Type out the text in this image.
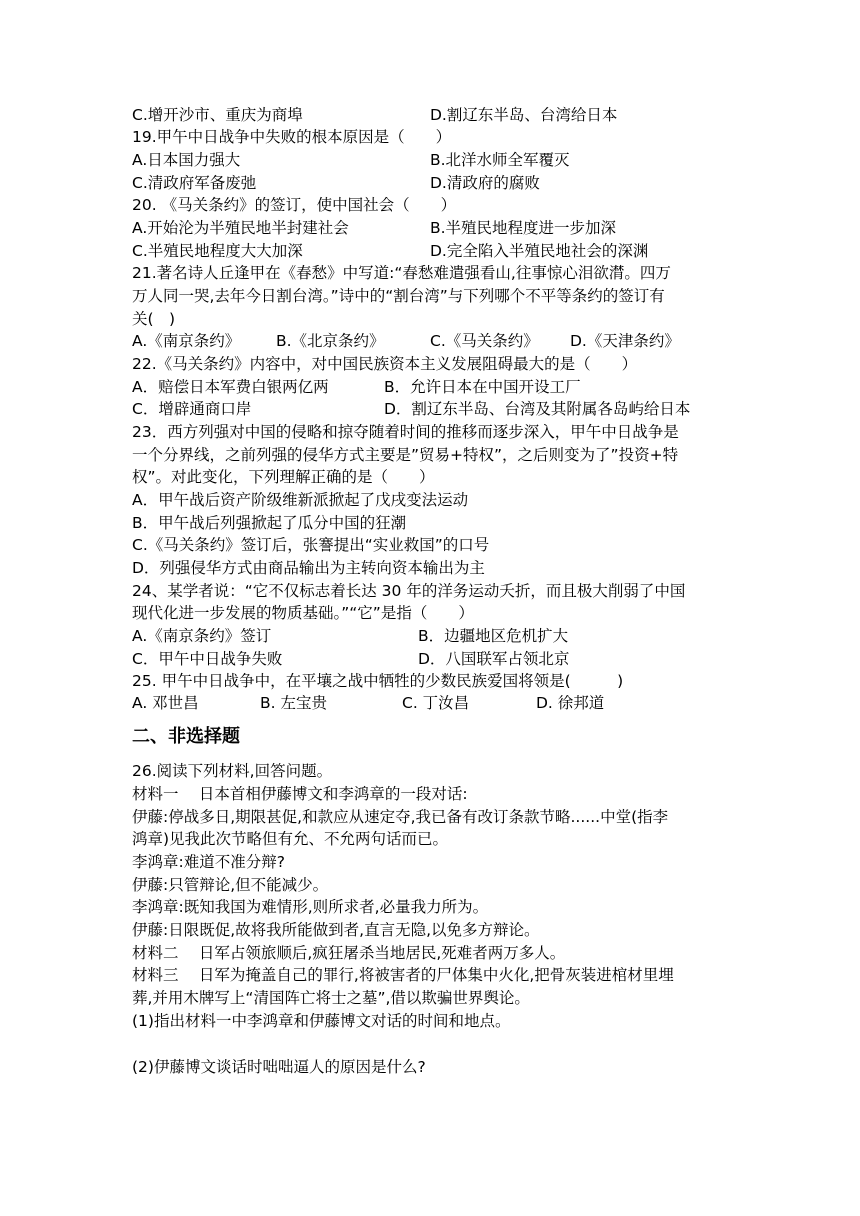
C.增开沙市、重庆为商埠	D.割辽东半岛、台湾给日本
19.甲午中日战争中失败的根本原因是（　　）
A.日本国力强大	B.北洋水师全军覆灭
C.清政府军备废弛	D.清政府的腐败
20. 《马关条约》的签订，使中国社会（　　）
A.开始沦为半殖民地半封建社会	B.半殖民地程度进一步加深
C.半殖民地程度大大加深	D.完全陷入半殖民地社会的深渊
21.著名诗人丘逢甲在《春愁》中写道:“春愁难遣强看山,往事惊心泪欲潸。四万
万人同一哭,去年今日割台湾。”诗中的“割台湾”与下列哪个不平等条约的签订有
关(　)
A.《南京条约》 B.《北京条约》	C.《马关条约》 D.《天津条约》
22.《马关条约》内容中，对中国民族资本主义发展阻碍最大的是（　　）
A．赔偿日本军费白银两亿两	B．允许日本在中国开设工厂
C．增辟通商口岸	D．割辽东半岛、台湾及其附属各岛屿给日本
23．西方列强对中国的侵略和掠夺随着时间的推移而逐步深入，甲午中日战争是
一个分界线，之前列强的侵华方式主要是”贸易+特权”，之后则变为了”投资+特
权”。对此变化，下列理解正确的是（　　）
A．甲午战后资产阶级维新派掀起了戊戌变法运动
B．甲午战后列强掀起了瓜分中国的狂潮
C.《马关条约》签订后，张謇提出“实业救国”的口号
D．列强侵华方式由商品输出为主转向资本输出为主
24、某学者说：“它不仅标志着长达 30 年的洋务运动夭折，而且极大削弱了中国
现代化进一步发展的物质基础。”“它”是指（　　）
A.《南京条约》签订	B．边疆地区危机扩大
C．甲午中日战争失败	D．八国联军占领北京
25. 甲午中日战争中，在平壤之战中牺牲的少数民族爱国将领是(　　　)
A. 邓世昌	B. 左宝贵	C. 丁汝昌	D. 徐邦道
二、非选择题
26.阅读下列材料,回答问题。
材料一　 日本首相伊藤博文和李鸿章的一段对话:
伊藤:停战多日,期限甚促,和款应从速定夺,我已备有改订条款节略......中堂(指李
鸿章)见我此次节略但有允、不允两句话而已。
李鸿章:难道不准分辩?
伊藤:只管辩论,但不能减少。
李鸿章:既知我国为难情形,则所求者,必量我力所为。
伊藤:日限既促,故将我所能做到者,直言无隐,以免多方辩论。
材料二　 日军占领旅顺后,疯狂屠杀当地居民,死难者两万多人。
材料三　 日军为掩盖自己的罪行,将被害者的尸体集中火化,把骨灰装进棺材里埋
葬,并用木牌写上“清国阵亡将士之墓”,借以欺骗世界舆论。
(1)指出材料一中李鸿章和伊藤博文对话的时间和地点。
(2)伊藤博文谈话时咄咄逼人的原因是什么?
